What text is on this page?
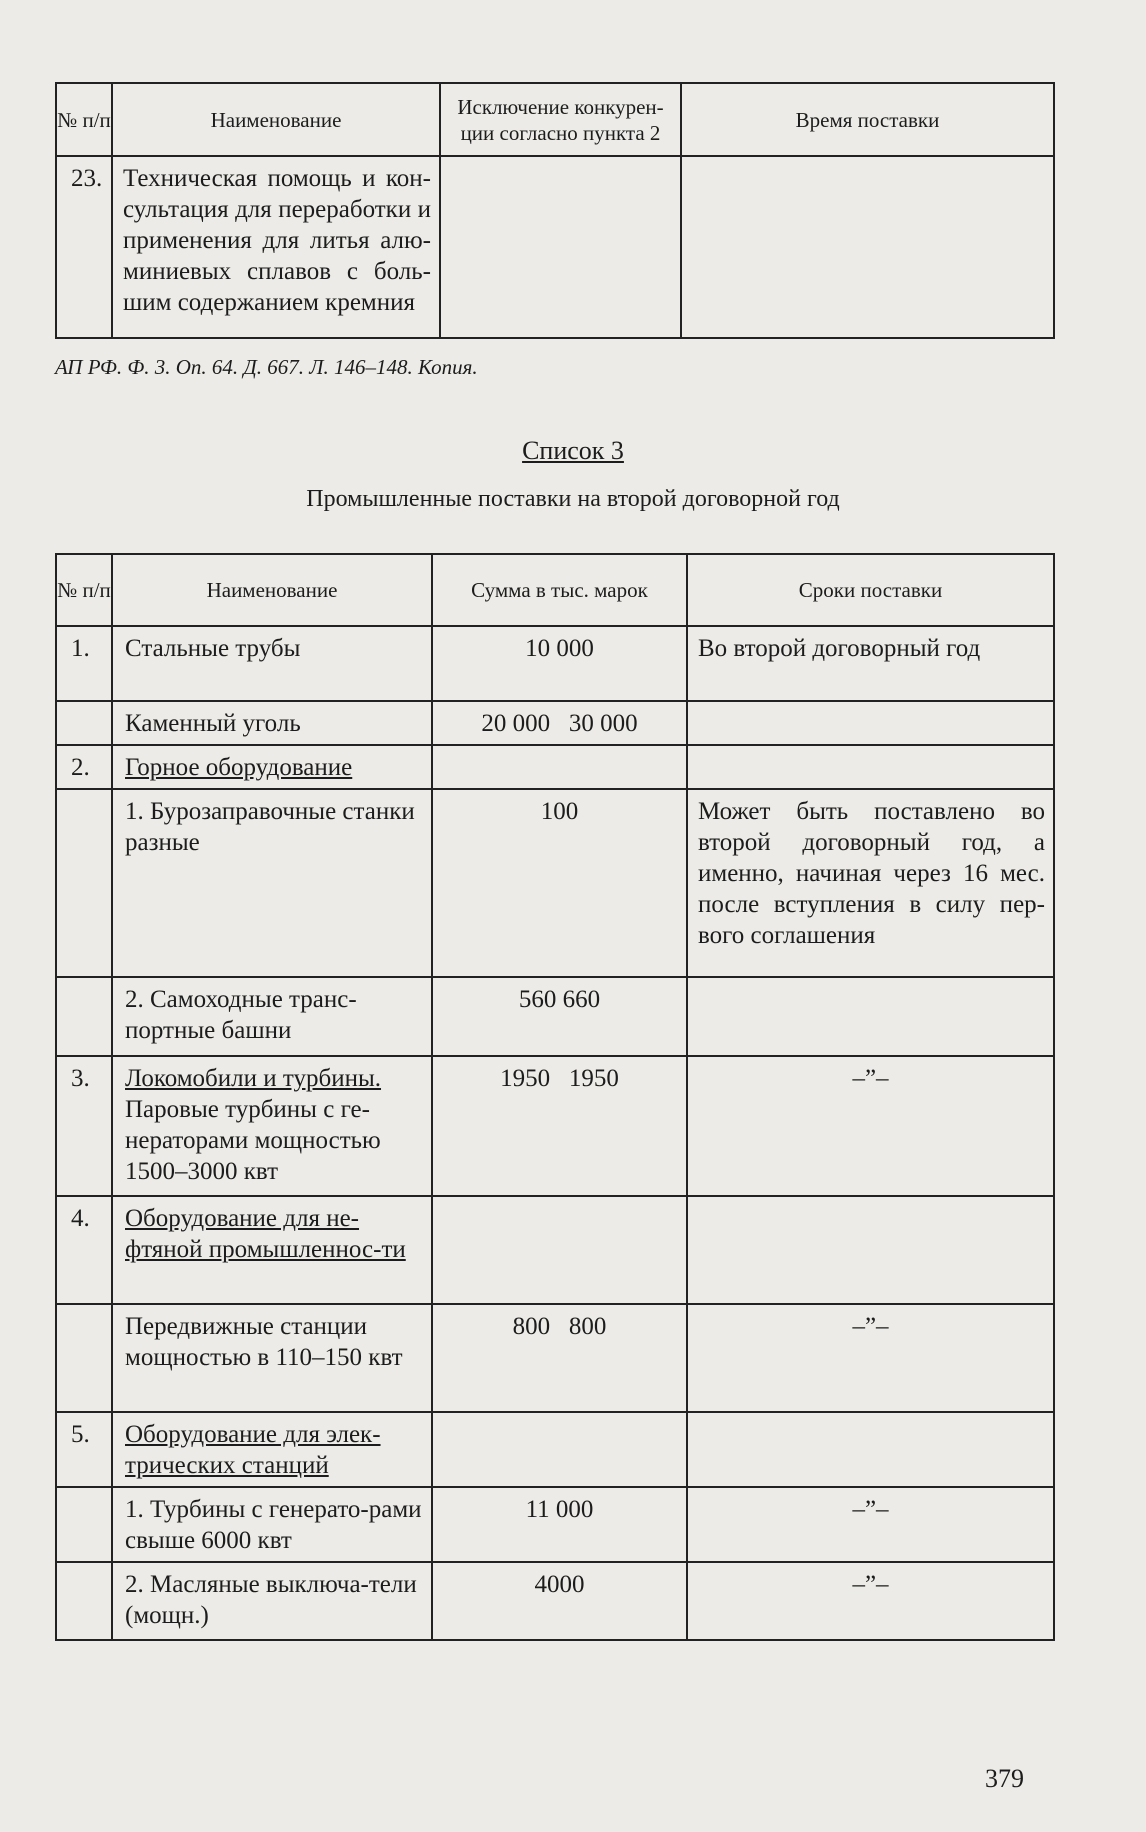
№ п/п	Наименование	Исключение конкурен-ции согласно пункта 2	Время поставки
23.	Техническая помощь и кон-сультация для переработки и применения для литья алю-миниевых сплавов с боль-шим содержанием кремния		
АП РФ. Ф. 3. Оп. 64. Д. 667. Л. 146–148. Копия.
Список 3
Промышленные поставки на второй договорной год
№ п/п	Наименование	Сумма в тыс. марок	Сроки поставки
1.	Стальные трубы	10 000	Во второй договорный год
	Каменный уголь	20 000   30 000	
2.	Горное оборудование		
	1. Бурозаправочные станки разные	100	Может быть поставлено во второй договорный год, а именно, начиная через 16 мес. после вступления в силу пер-вого соглашения
	2. Самоходные транс-портные башни	560 660	
3.	Локомобили и турбины. Паровые турбины с ге-нераторами мощностью 1500–3000 квт	1950   1950	–”–
4.	Оборудование для не-фтяной промышленнос-ти		
	Передвижные станции мощностью в 110–150 квт	800   800	–”–
5.	Оборудование для элек-трических станций		
	1. Турбины с генерато-рами свыше 6000 квт	11 000	–”–
	2. Масляные выключа-тели (мощн.)	4000	–”–
379
